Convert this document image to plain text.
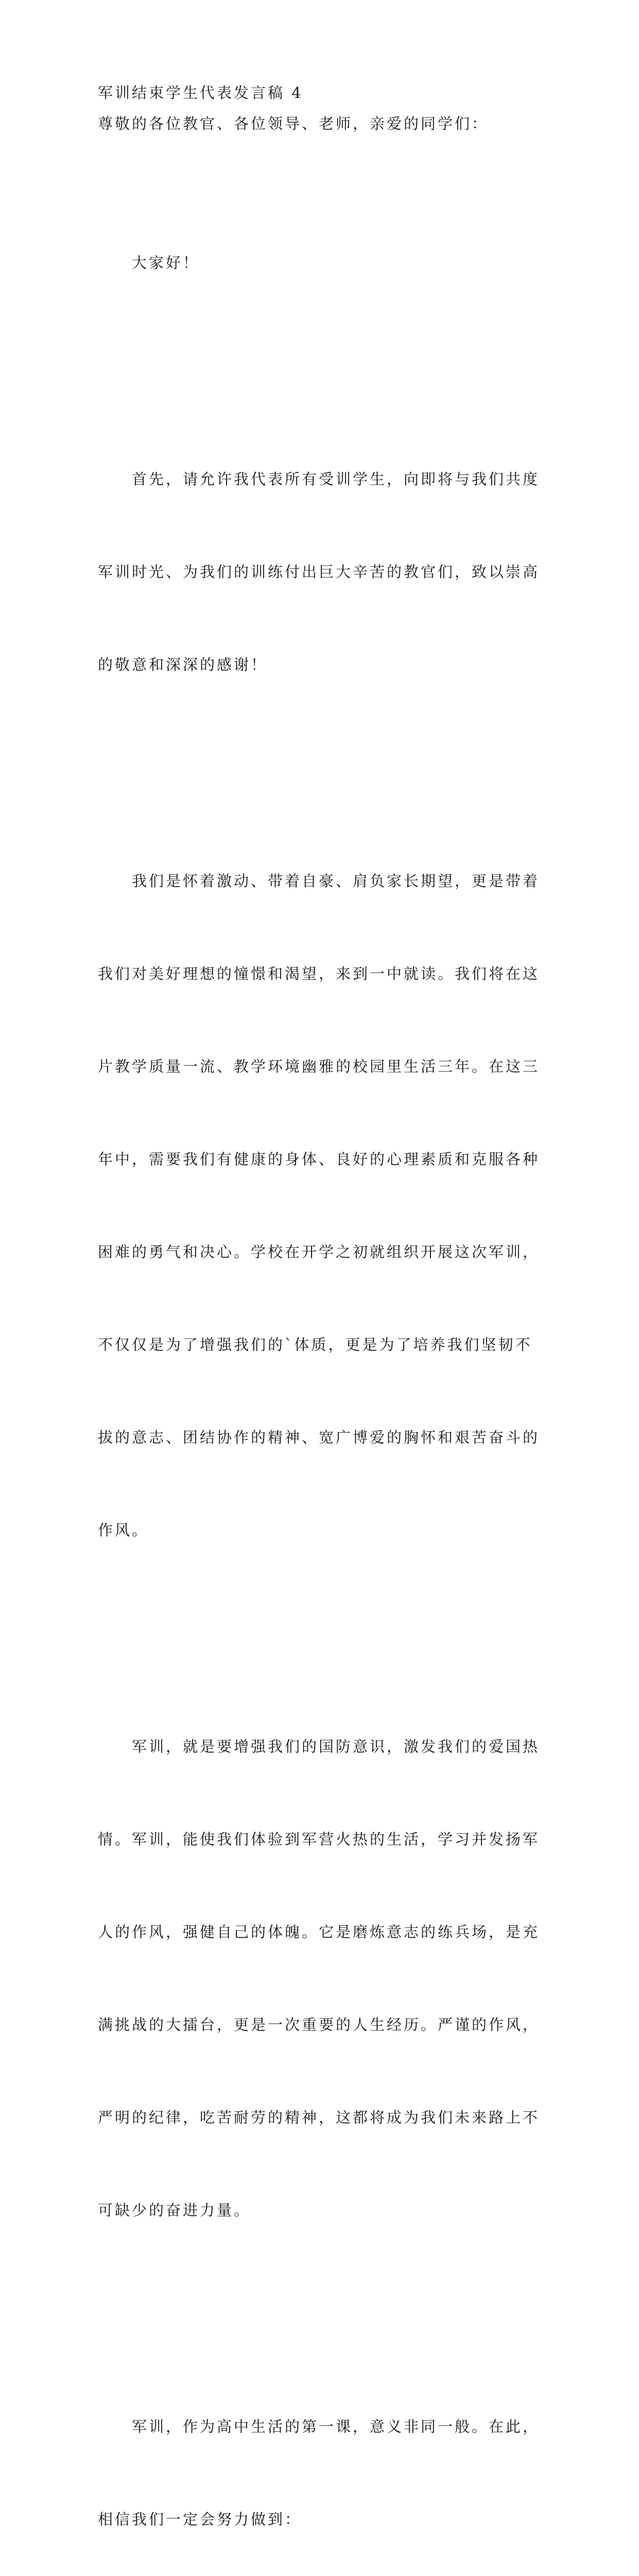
军训结束学生代表发言稿 4
尊敬的各位教官、各位领导、老师，亲爱的同学们：

　　大家好！

　　首先，请允许我代表所有受训学生，向即将与我们共度

军训时光、为我们的训练付出巨大辛苦的教官们，致以崇高

的敬意和深深的感谢！

　　我们是怀着激动、带着自豪、肩负家长期望，更是带着

我们对美好理想的憧憬和渴望，来到一中就读。我们将在这

片教学质量一流、教学环境幽雅的校园里生活三年。在这三

年中，需要我们有健康的身体、良好的心理素质和克服各种

困难的勇气和决心。学校在开学之初就组织开展这次军训，

不仅仅是为了增强我们的`体质，更是为了培养我们坚韧不

拔的意志、团结协作的精神、宽广博爱的胸怀和艰苦奋斗的

作风。

　　军训，就是要增强我们的国防意识，激发我们的爱国热

情。军训，能使我们体验到军营火热的生活，学习并发扬军

人的作风，强健自己的体魄。它是磨炼意志的练兵场，是充

满挑战的大擂台，更是一次重要的人生经历。严谨的作风，

严明的纪律，吃苦耐劳的精神，这都将成为我们未来路上不

可缺少的奋进力量。

　　军训，作为高中生活的第一课，意义非同一般。在此，

相信我们一定会努力做到：
